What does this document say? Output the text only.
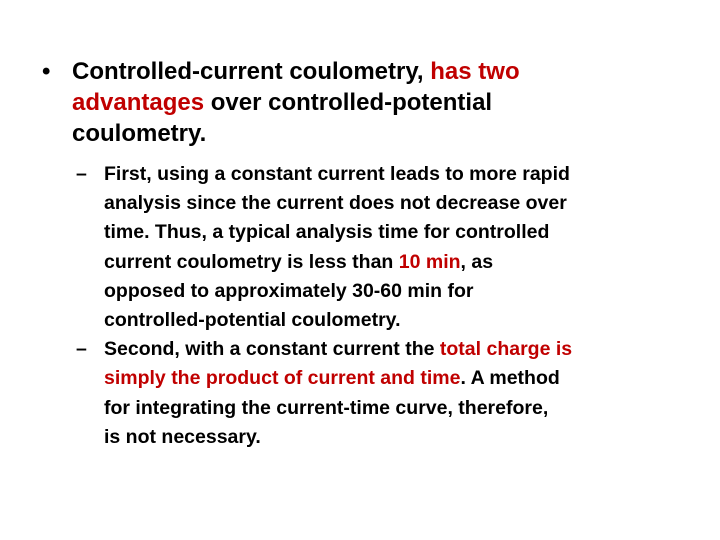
• Controlled‑current coulometry, has two
advantages over controlled‑potential
coulometry.
– First, using a constant current leads to more rapid
analysis since the current does not decrease over
time. Thus, a typical analysis time for controlled
current coulometry is less than 10 min, as
opposed to approximately 30‑60 min for
controlled‑potential coulometry.
– Second, with a constant current the total charge is
simply the product of current and time. A method
for integrating the current‑time curve, therefore,
is not necessary.
